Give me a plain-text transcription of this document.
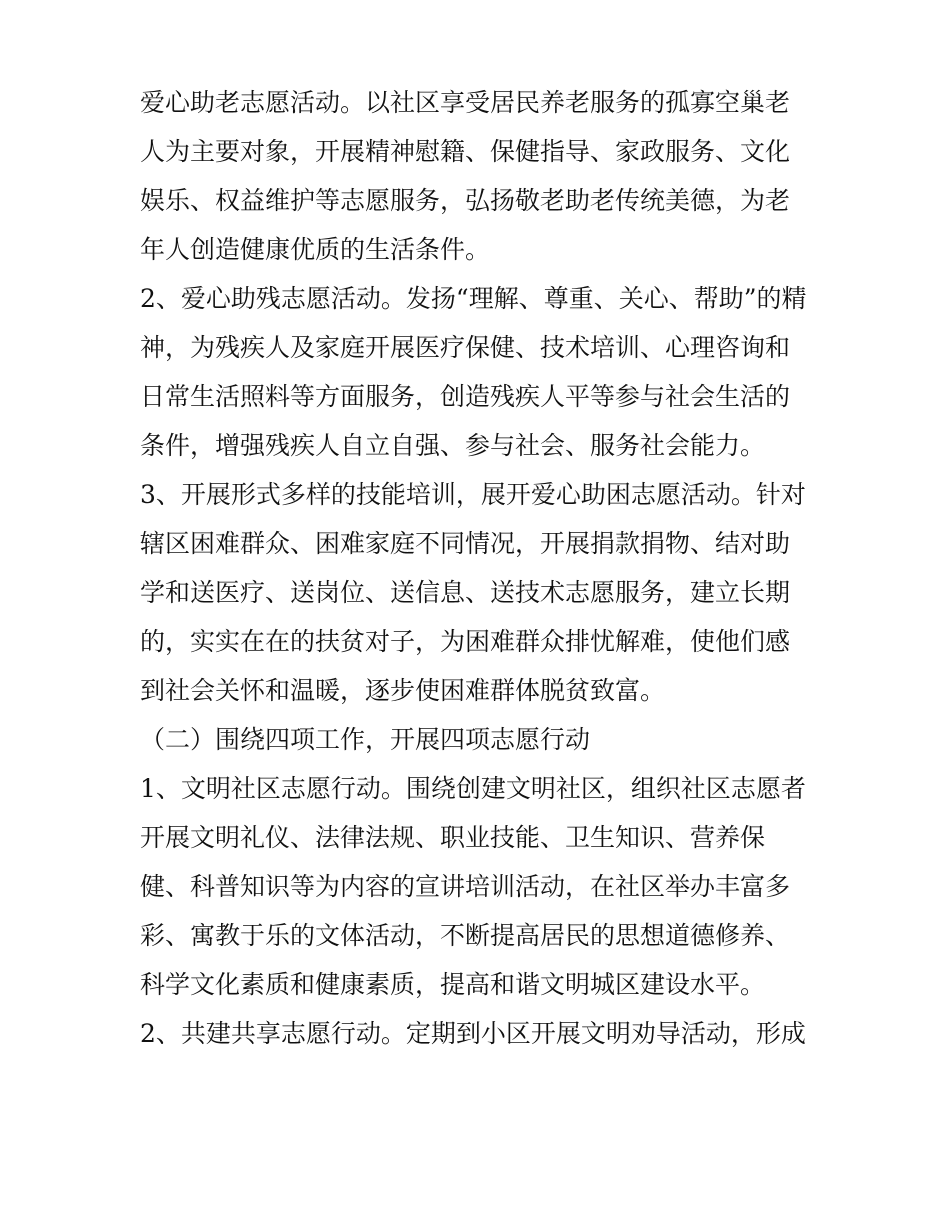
爱心助老志愿活动。以社区享受居民养老服务的孤寡空巢老人为主要对象，开展精神慰籍、保健指导、家政服务、文化娱乐、权益维护等志愿服务，弘扬敬老助老传统美德，为老年人创造健康优质的生活条件。

2、爱心助残志愿活动。发扬“理解、尊重、关心、帮助”的精神，为残疾人及家庭开展医疗保健、技术培训、心理咨询和日常生活照料等方面服务，创造残疾人平等参与社会生活的条件，增强残疾人自立自强、参与社会、服务社会能力。

3、开展形式多样的技能培训，展开爱心助困志愿活动。针对辖区困难群众、困难家庭不同情况，开展捐款捐物、结对助学和送医疗、送岗位、送信息、送技术志愿服务，建立长期的，实实在在的扶贫对子，为困难群众排忧解难，使他们感到社会关怀和温暖，逐步使困难群体脱贫致富。

（二）围绕四项工作，开展四项志愿行动

1、文明社区志愿行动。围绕创建文明社区，组织社区志愿者开展文明礼仪、法律法规、职业技能、卫生知识、营养保健、科普知识等为内容的宣讲培训活动，在社区举办丰富多彩、寓教于乐的文体活动，不断提高居民的思想道德修养、科学文化素质和健康素质，提高和谐文明城区建设水平。

2、共建共享志愿行动。定期到小区开展文明劝导活动，形成
